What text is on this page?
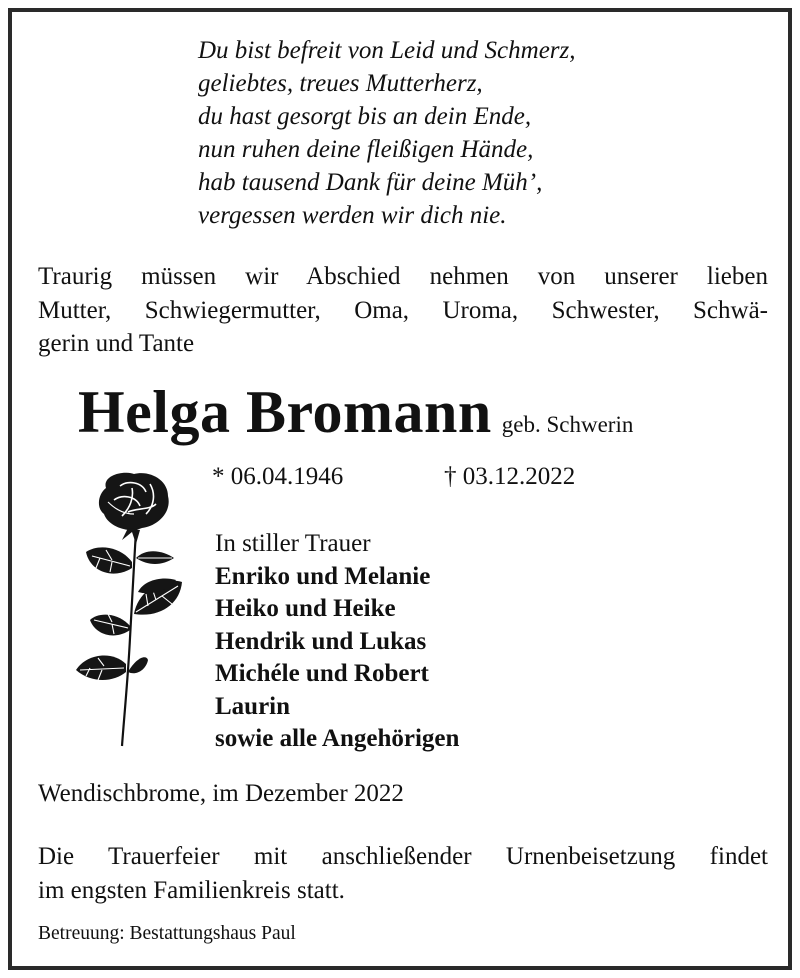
Du bist befreit von Leid und Schmerz,
geliebtes, treues Mutterherz,
du hast gesorgt bis an dein Ende,
nun ruhen deine fleißigen Hände,
hab tausend Dank für deine Müh’,
vergessen werden wir dich nie.
Traurig müssen wir Abschied nehmen von unserer lieben
Mutter, Schwiegermutter, Oma, Uroma, Schwester, Schwä-
gerin und Tante
Helga Bromann geb. Schwerin
* 06.04.1946	† 03.12.2022
In stiller Trauer
Enriko und Melanie
Heiko und Heike
Hendrik und Lukas
Michéle und Robert
Laurin
sowie alle Angehörigen
Wendischbrome, im Dezember 2022
Die Trauerfeier mit anschließender Urnenbeisetzung findet
im engsten Familienkreis statt.
Betreuung: Bestattungshaus Paul
